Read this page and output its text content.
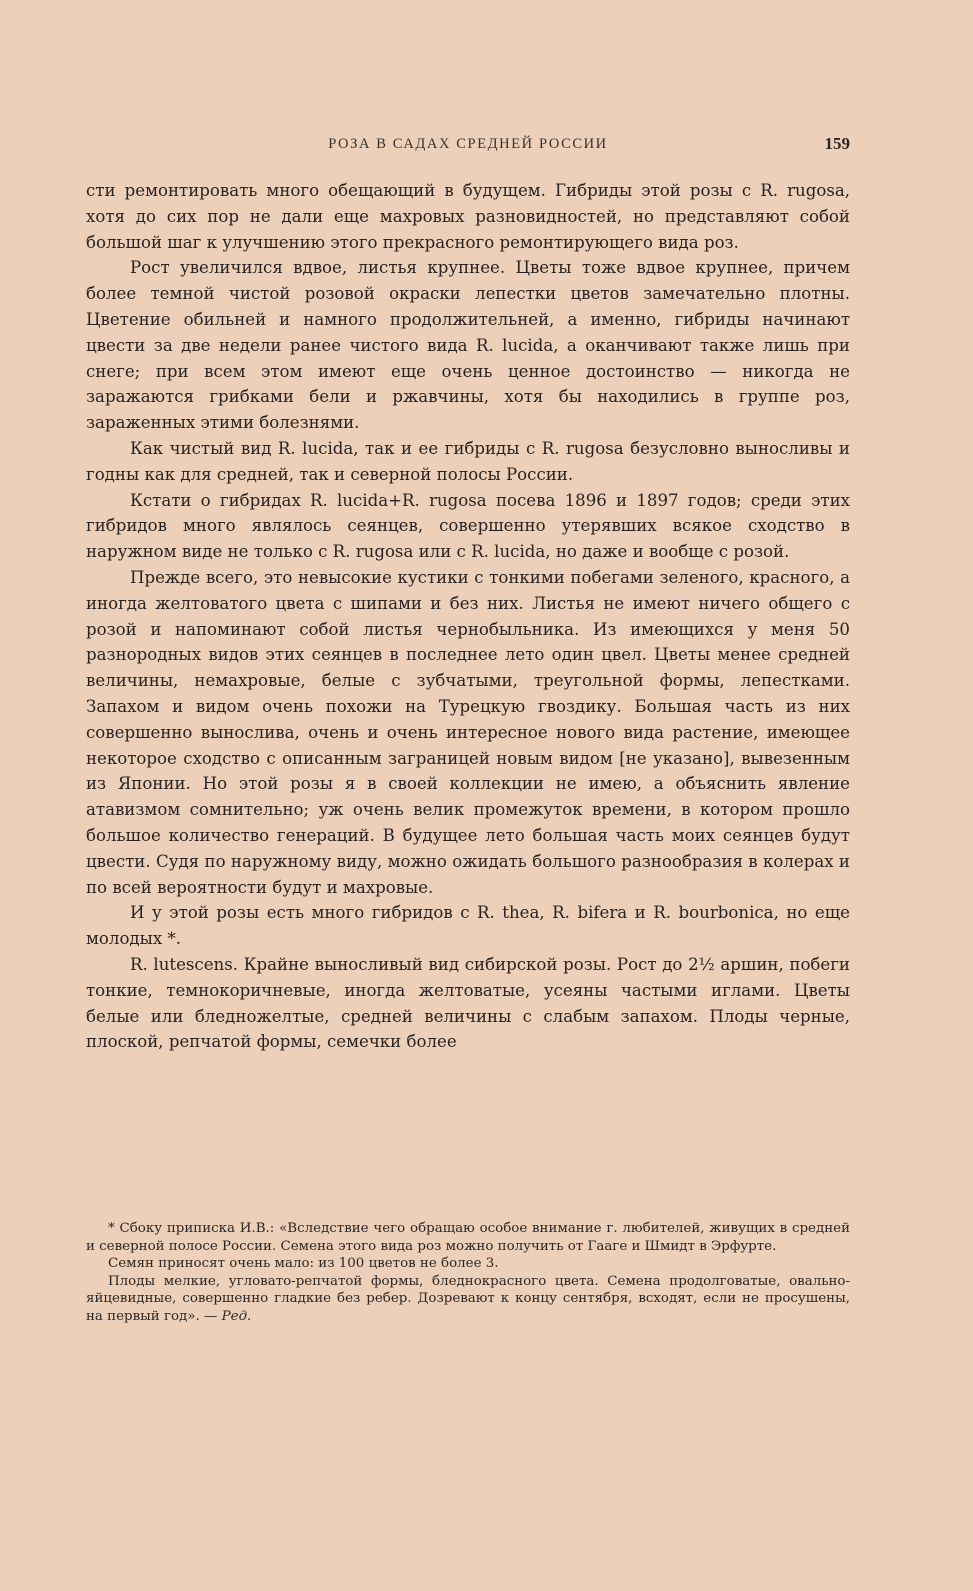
РОЗА В САДАХ СРЕДНЕЙ РОССИИ	159

сти ремонтировать много обещающий в будущем. Гибриды этой розы с R. rugosa, хотя до сих пор не дали еще махровых разновидностей, но представляют собой большой шаг к улучшению этого прекрасного ремонтирующего вида роз.

Рост увеличился вдвое, листья крупнее. Цветы тоже вдвое крупнее, причем более темной чистой розовой окраски лепестки цветов замечательно плотны. Цветение обильней и намного продолжительней, а именно, гибриды начинают цвести за две недели ранее чистого вида R. lucida, а оканчивают также лишь при снеге; при всем этом имеют еще очень ценное достоинство — никогда не заражаются грибками бели и ржавчины, хотя бы находились в группе роз, зараженных этими болезнями.

Как чистый вид R. lucida, так и ее гибриды с R. rugosa безусловно выносливы и годны как для средней, так и северной полосы России.

Кстати о гибридах R. lucida+R. rugosa посева 1896 и 1897 годов; среди этих гибридов много являлось сеянцев, совершенно утерявших всякое сходство в наружном виде не только с R. rugosa или с R. lucida, но даже и вообще с розой.

Прежде всего, это невысокие кустики с тонкими побегами зеленого, красного, а иногда желтоватого цвета с шипами и без них. Листья не имеют ничего общего с розой и напоминают собой листья чернобыльника. Из имеющихся у меня 50 разнородных видов этих сеянцев в последнее лето один цвел. Цветы менее средней величины, немахровые, белые с зубчатыми, треугольной формы, лепестками. Запахом и видом очень похожи на Турецкую гвоздику. Большая часть из них совершенно вынослива, очень и очень интересное нового вида растение, имеющее некоторое сходство с описанным заграницей новым видом [не указано], вывезенным из Японии. Но этой розы я в своей коллекции не имею, а объяснить явление атавизмом сомнительно; уж очень велик промежуток времени, в котором прошло большое количество генераций. В будущее лето большая часть моих сеянцев будут цвести. Судя по наружному виду, можно ожидать большого разнообразия в колерах и по всей вероятности будут и махровые.

И у этой розы есть много гибридов с R. thea, R. bifera и R. bourbonica, но еще молодых *.

R. lutescens. Крайне выносливый вид сибирской розы. Рост до 2½ аршин, побеги тонкие, темнокоричневые, иногда желтоватые, усеяны частыми иглами. Цветы белые или бледножелтые, средней величины с слабым запахом. Плоды черные, плоской, репчатой формы, семечки более

* Сбоку приписка И.В.: «Вследствие чего обращаю особое внимание г. любителей, живущих в средней и северной полосе России. Семена этого вида роз можно получить от Гааге и Шмидт в Эрфурте.

Семян приносят очень мало: из 100 цветов не более 3.

Плоды мелкие, угловато-репчатой формы, бледнокрасного цвета. Семена продолговатые, овально-яйцевидные, совершенно гладкие без ребер. Дозревают к концу сентября, всходят, если не просушены, на первый год». — Ред.
